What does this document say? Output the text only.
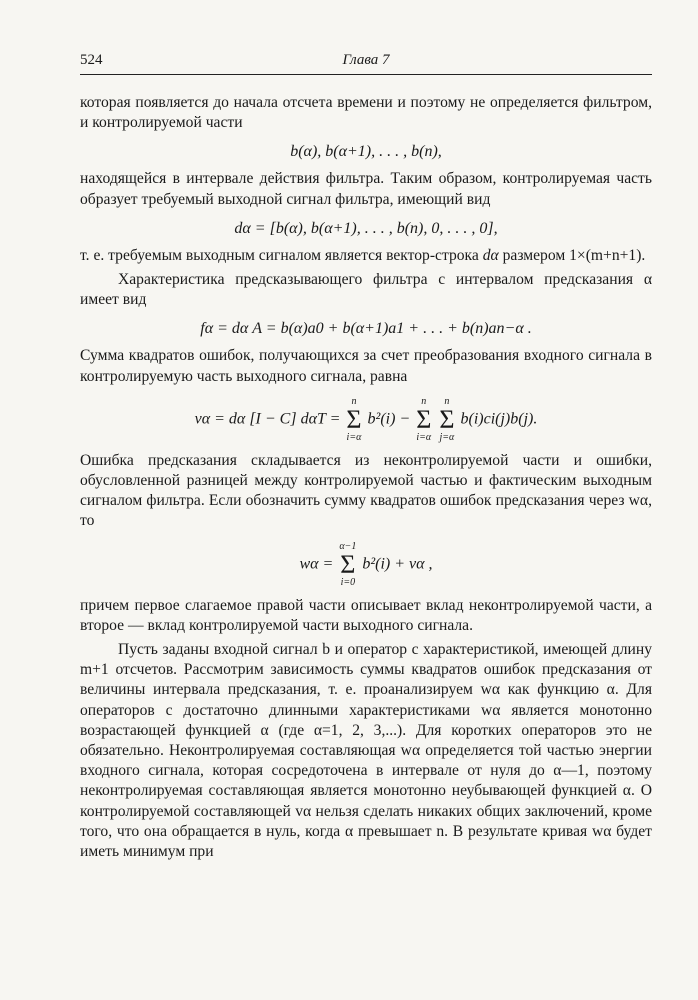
524	Глава 7

которая появляется до начала отсчета времени и поэтому не определяется фильтром, и контролируемой части

b(α), b(α+1), . . . , b(n),

находящейся в интервале действия фильтра. Таким образом, контролируемая часть образует требуемый выходной сигнал фильтра, имеющий вид

dα = [b(α), b(α+1), . . . , b(n), 0, . . . , 0],

т. е. требуемым выходным сигналом является вектор-строка dα размером 1×(m+n+1).

Характеристика предсказывающего фильтра с интервалом предсказания α имеет вид

fα = dα A = b(α)a0 + b(α+1)a1 + . . . + b(n)an−α .

Сумма квадратов ошибок, получающихся за счет преобразования входного сигнала в контролируемую часть выходного сигнала, равна

vα = dα [I − C] dαT =
n
Σ
i=α
b²(i) −
n
Σ
i=α

n
Σ
j=α
b(i)ci(j)b(j).

Ошибка предсказания складывается из неконтролируемой части и ошибки, обусловленной разницей между контролируемой частью и фактическим выходным сигналом фильтра. Если обозначить сумму квадратов ошибок предсказания через wα, то

wα =
α−1
Σ
i=0
b²(i) + vα ,

причем первое слагаемое правой части описывает вклад неконтролируемой части, а второе — вклад контролируемой части выходного сигнала.

Пусть заданы входной сигнал b и оператор с характеристикой, имеющей длину m+1 отсчетов. Рассмотрим зависимость суммы квадратов ошибок предсказания от величины интервала предсказания, т. е. проанализируем wα как функцию α. Для операторов с достаточно длинными характеристиками wα является монотонно возрастающей функцией α (где α=1, 2, 3,...). Для коротких операторов это не обязательно. Неконтролируемая составляющая wα определяется той частью энергии входного сигнала, которая сосредоточена в интервале от нуля до α—1, поэтому неконтролируемая составляющая является монотонно неубывающей функцией α. О контролируемой составляющей vα нельзя сделать никаких общих заключений, кроме того, что она обращается в нуль, когда α превышает n. В результате кривая wα будет иметь минимум при
